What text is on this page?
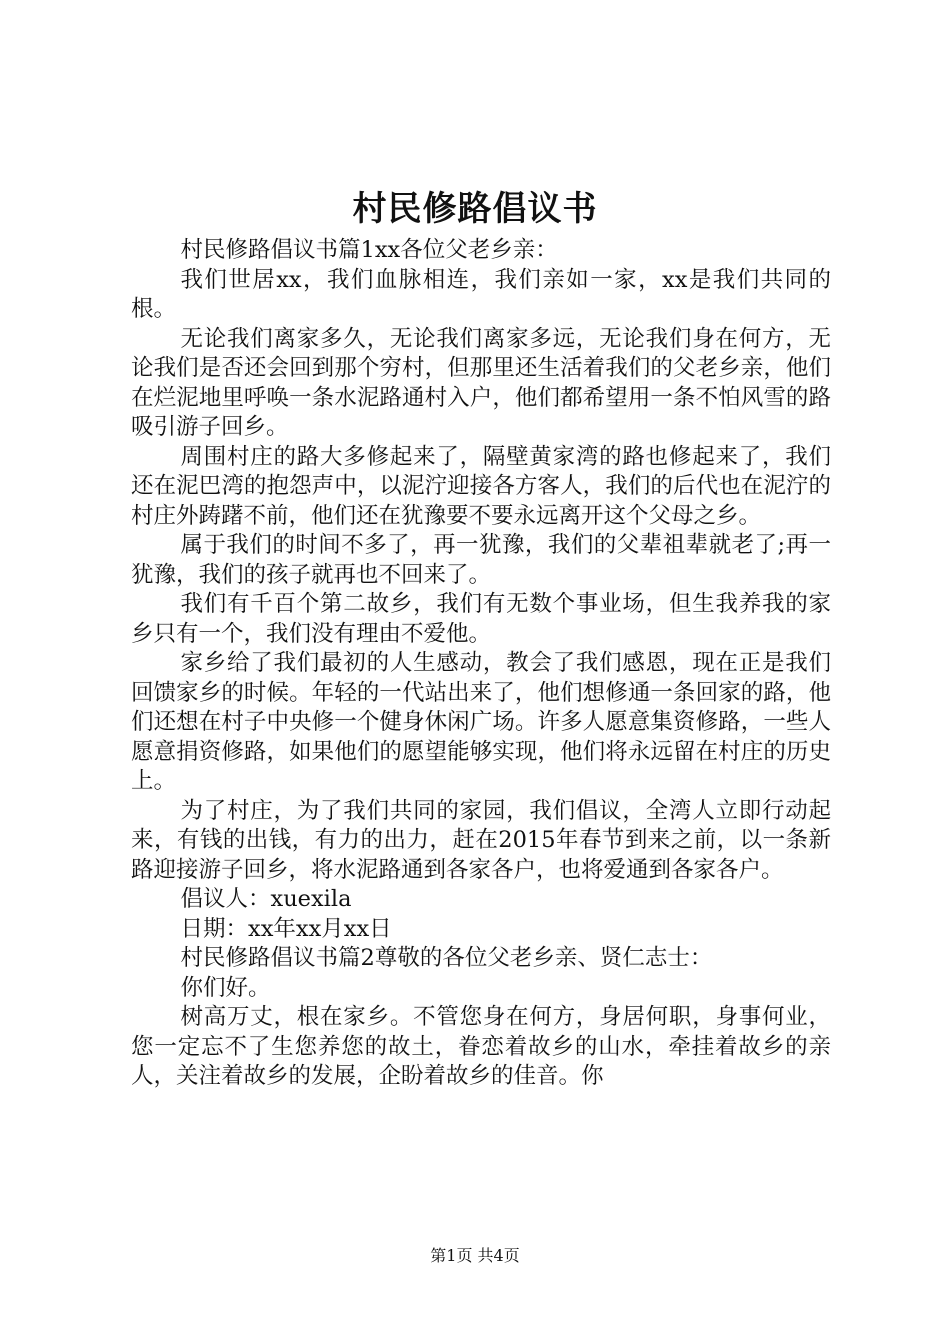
村民修路倡议书

村民修路倡议书篇1xx各位父老乡亲：

我们世居xx，我们血脉相连，我们亲如一家，xx是我们共同的根。

无论我们离家多久，无论我们离家多远，无论我们身在何方，无论我们是否还会回到那个穷村，但那里还生活着我们的父老乡亲，他们在烂泥地里呼唤一条水泥路通村入户，他们都希望用一条不怕风雪的路吸引游子回乡。

周围村庄的路大多修起来了，隔壁黄家湾的路也修起来了，我们还在泥巴湾的抱怨声中，以泥泞迎接各方客人，我们的后代也在泥泞的村庄外踌躇不前，他们还在犹豫要不要永远离开这个父母之乡。

属于我们的时间不多了，再一犹豫，我们的父辈祖辈就老了;再一犹豫，我们的孩子就再也不回来了。

我们有千百个第二故乡，我们有无数个事业场，但生我养我的家乡只有一个，我们没有理由不爱他。

家乡给了我们最初的人生感动，教会了我们感恩，现在正是我们回馈家乡的时候。年轻的一代站出来了，他们想修通一条回家的路，他们还想在村子中央修一个健身休闲广场。许多人愿意集资修路，一些人愿意捐资修路，如果他们的愿望能够实现，他们将永远留在村庄的历史上。

为了村庄，为了我们共同的家园，我们倡议，全湾人立即行动起来，有钱的出钱，有力的出力，赶在2015年春节到来之前，以一条新路迎接游子回乡，将水泥路通到各家各户，也将爱通到各家各户。

倡议人：xuexila

日期：xx年xx月xx日

村民修路倡议书篇2尊敬的各位父老乡亲、贤仁志士：

你们好。

树高万丈，根在家乡。不管您身在何方，身居何职，身事何业，您一定忘不了生您养您的故土，眷恋着故乡的山水，牵挂着故乡的亲人，关注着故乡的发展，企盼着故乡的佳音。你

第1页 共4页
